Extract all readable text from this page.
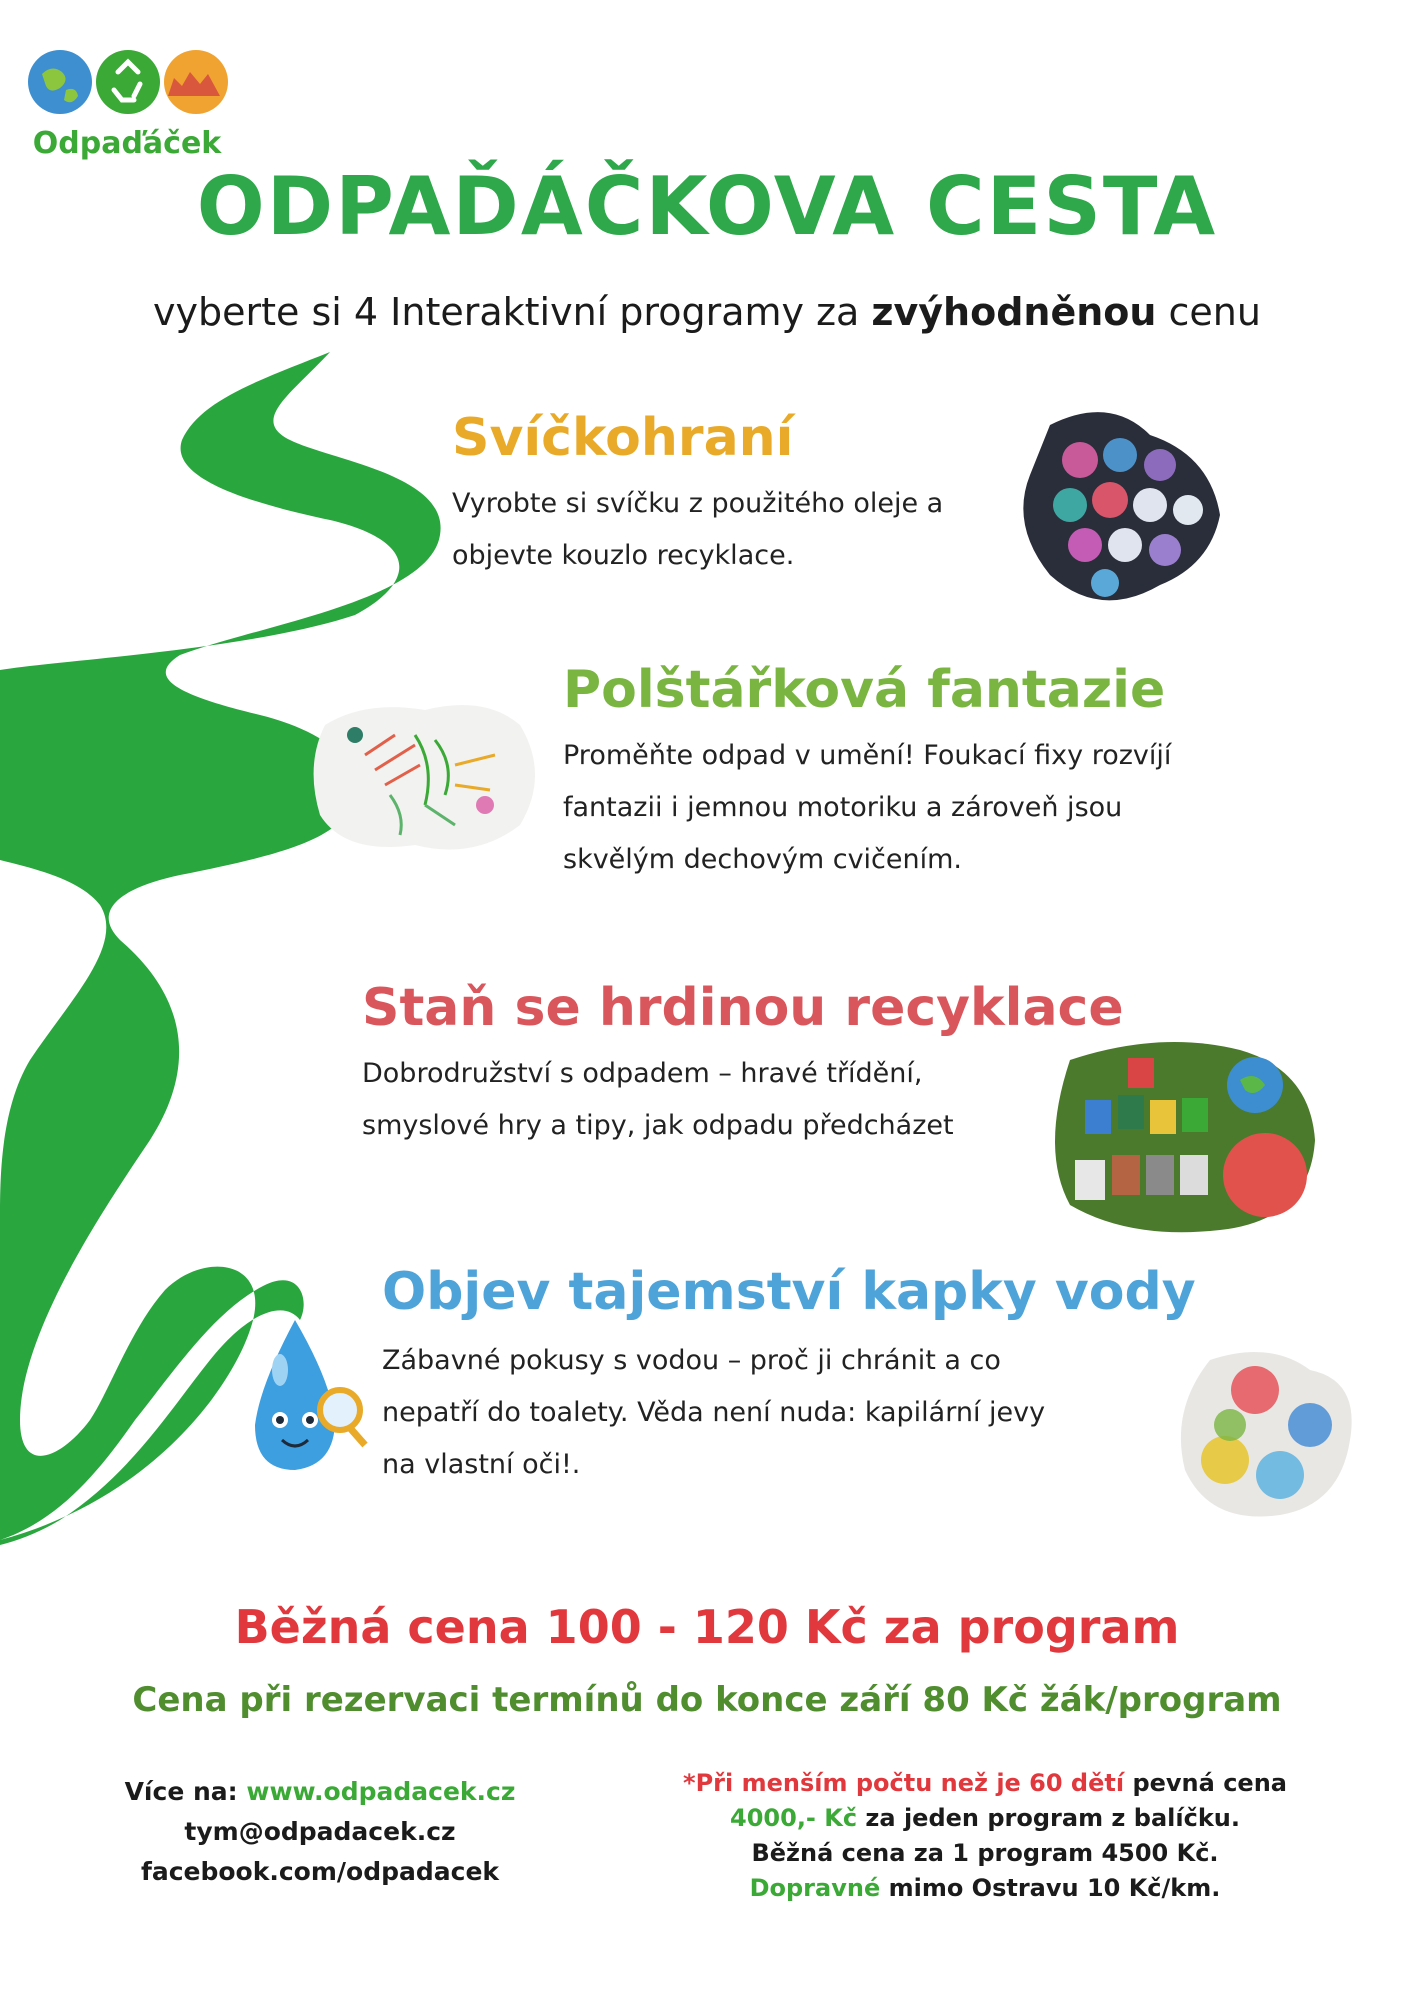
Odpaďáček
ODPAĎÁČKOVA CESTA
vyberte si 4 Interaktivní programy za zvýhodněnou cenu
Svíčkohraní
Vyrobte si svíčku z použitého oleje a
objevte kouzlo recyklace.
Polštářková fantazie
Proměňte odpad v umění! Foukací fixy rozvíjí
fantazii i jemnou motoriku a zároveň jsou
skvělým dechovým cvičením.
Staň se hrdinou recyklace
Dobrodružství s odpadem – hravé třídění,
smyslové hry a tipy, jak odpadu předcházet
Objev tajemství kapky vody
Zábavné pokusy s vodou – proč ji chránit a co
nepatří do toalety. Věda není nuda: kapilární jevy
na vlastní oči!.
Běžná cena 100 - 120 Kč za program
Cena při rezervaci termínů do konce září 80 Kč žák/program
Více na: www.odpadacek.cz
tym@odpadacek.cz
facebook.com/odpadacek
*Při menším počtu než je 60 dětí pevná cena
4000,- Kč za jeden program z balíčku.
Běžná cena za 1 program 4500 Kč.
Dopravné mimo Ostravu 10 Kč/km.
